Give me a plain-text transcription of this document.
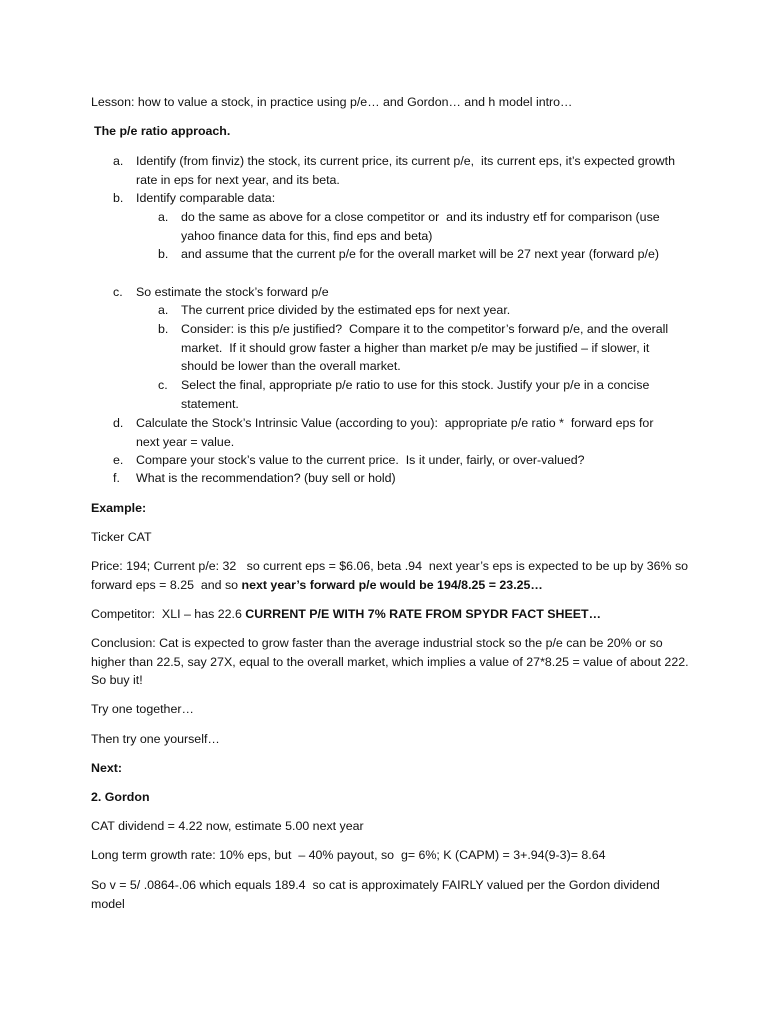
Lesson: how to value a stock, in practice using p/e… and Gordon… and h model intro…

The p/e ratio approach.

a. Identify (from finviz) the stock, its current price, its current p/e,  its current eps, it’s expected growth rate in eps for next year, and its beta.

b. Identify comparable data:

a. do the same as above for a close competitor or  and its industry etf for comparison (use yahoo finance data for this, find eps and beta)

b. and assume that the current p/e for the overall market will be 27 next year (forward p/e)

c. So estimate the stock’s forward p/e

a. The current price divided by the estimated eps for next year.

b. Consider: is this p/e justified?  Compare it to the competitor’s forward p/e, and the overall market.  If it should grow faster a higher than market p/e may be justified – if slower, it should be lower than the overall market.

c. Select the final, appropriate p/e ratio to use for this stock. Justify your p/e in a concise statement.

d. Calculate the Stock’s Intrinsic Value (according to you):  appropriate p/e ratio *  forward eps for next year = value.

e. Compare your stock’s value to the current price.  Is it under, fairly, or over-valued?

f. What is the recommendation? (buy sell or hold)

Example:

Ticker CAT

Price: 194; Current p/e: 32   so current eps = $6.06, beta .94  next year’s eps is expected to be up by 36% so forward eps = 8.25  and so next year’s forward p/e would be 194/8.25 = 23.25…

Competitor:  XLI – has 22.6 CURRENT P/E WITH 7% RATE FROM SPYDR FACT SHEET…

Conclusion: Cat is expected to grow faster than the average industrial stock so the p/e can be 20% or so higher than 22.5, say 27X, equal to the overall market, which implies a value of 27*8.25 = value of about 222. So buy it!

Try one together…

Then try one yourself…

Next:

2. Gordon

CAT dividend = 4.22 now, estimate 5.00 next year

Long term growth rate: 10% eps, but  – 40% payout, so  g= 6%; K (CAPM) = 3+.94(9-3)= 8.64

So v = 5/ .0864-.06 which equals 189.4  so cat is approximately FAIRLY valued per the Gordon dividend model
